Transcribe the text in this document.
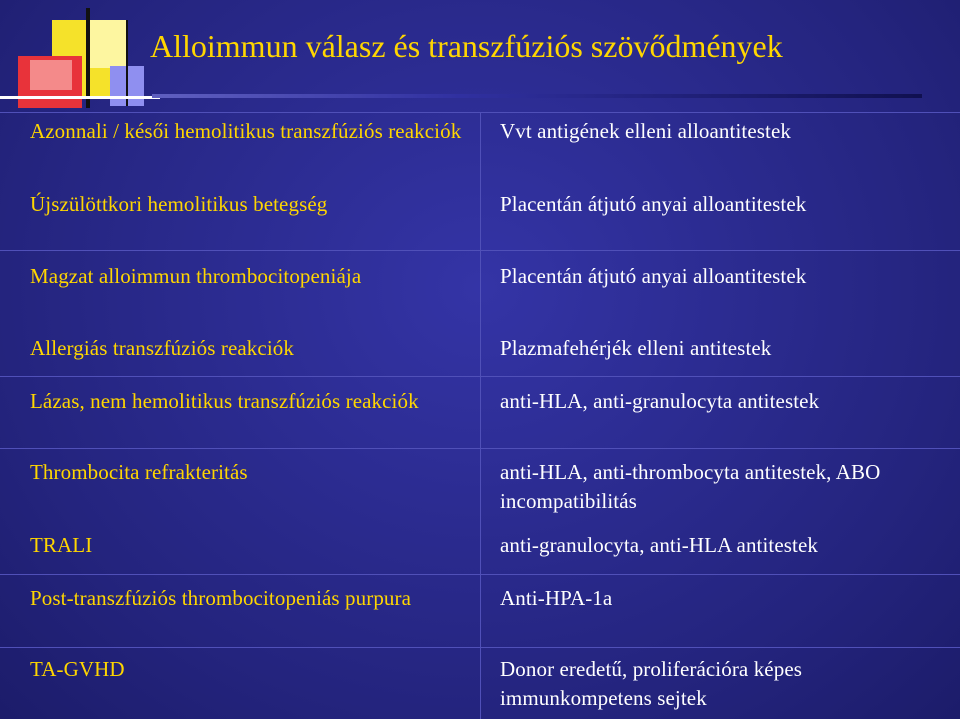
Alloimmun válasz és transzfúziós szövődmények

Azonnali / késői hemolitikus transzfúziós reakciók

Újszülöttkori hemolitikus betegség

Magzat alloimmun thrombocitopeniája

Allergiás transzfúziós reakciók

Lázas, nem hemolitikus transzfúziós reakciók

Thrombocita refrakteritás

TRALI

Post-transzfúziós thrombocitopeniás purpura

TA-GVHD

Vvt antigének elleni alloantitestek

Placentán átjutó anyai alloantitestek

Placentán átjutó anyai alloantitestek

Plazmafehérjék elleni antitestek

anti-HLA, anti-granulocyta antitestek

anti-HLA, anti-thrombocyta antitestek, ABO incompatibilitás

anti-granulocyta, anti-HLA antitestek

Anti-HPA-1a

Donor eredetű, proliferációra képes immunkompetens sejtek
